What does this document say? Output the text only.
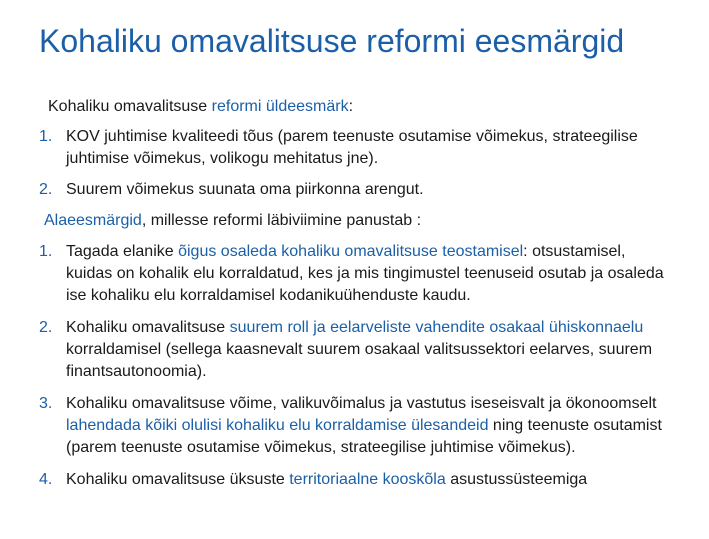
Kohaliku omavalitsuse reformi eesmärgid

Kohaliku omavalitsuse reformi üldeesmärk:

1. KOV juhtimise kvaliteedi tõus (parem teenuste osutamise võimekus, strateegilise juhtimise võimekus, volikogu mehitatus jne).
2. Suurem võimekus suunata oma piirkonna arengut.

Alaeesmärgid, millesse reformi läbiviimine panustab :

1. Tagada elanike õigus osaleda kohaliku omavalitsuse teostamisel: otsustamisel, kuidas on kohalik elu korraldatud, kes ja mis tingimustel teenuseid osutab ja osaleda ise kohaliku elu korraldamisel kodanikuühenduste kaudu.
2. Kohaliku omavalitsuse suurem roll ja eelarveliste vahendite osakaal ühiskonnaelu korraldamisel (sellega kaasnevalt suurem osakaal valitsussektori eelarves, suurem finantsautonoomia).
3. Kohaliku omavalitsuse võime, valikuvõimalus ja vastutus iseseisvalt ja ökonoomselt lahendada kõiki olulisi kohaliku elu korraldamise ülesandeid ning teenuste osutamist (parem teenuste osutamise võimekus, strateegilise juhtimise võimekus).
4. Kohaliku omavalitsuse üksuste territoriaalne kooskõla asustussüsteemiga
